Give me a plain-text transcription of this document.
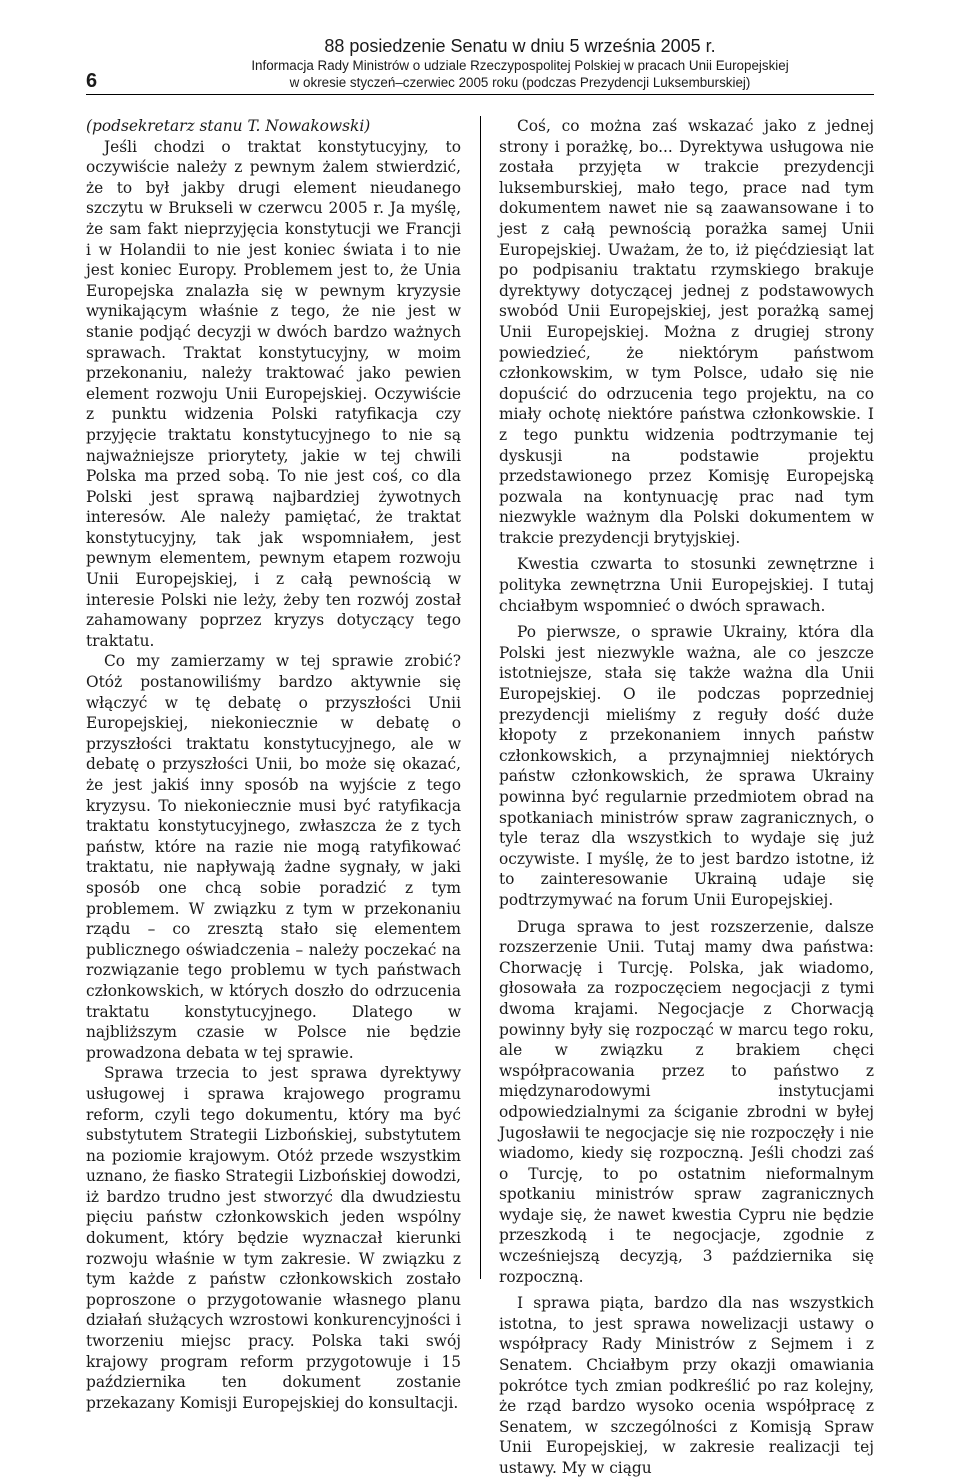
6
88 posiedzenie Senatu w dniu 5 września 2005 r.
Informacja Rady Ministrów o udziale Rzeczypospolitej Polskiej w pracach Unii Europejskiej
w okresie styczeń–czerwiec 2005 roku (podczas Prezydencji Luksemburskiej)

(podsekretarz stanu T. Nowakowski)

Jeśli chodzi o traktat konstytucyjny, to oczywiście należy z pewnym żalem stwierdzić, że to był jakby drugi element nieudanego szczytu w Brukseli w czerwcu 2005 r. Ja myślę, że sam fakt nieprzyjęcia konstytucji we Francji i w Holandii to nie jest koniec świata i to nie jest koniec Europy. Problemem jest to, że Unia Europejska znalazła się w pewnym kryzysie wynikającym właśnie z tego, że nie jest w stanie podjąć decyzji w dwóch bardzo ważnych sprawach. Traktat konstytucyjny, w moim przekonaniu, należy traktować jako pewien element rozwoju Unii Europejskiej. Oczywiście z punktu widzenia Polski ratyfikacja czy przyjęcie traktatu konstytucyjnego to nie są najważniejsze priorytety, jakie w tej chwili Polska ma przed sobą. To nie jest coś, co dla Polski jest sprawą najbardziej żywotnych interesów. Ale należy pamiętać, że traktat konstytucyjny, tak jak wspomniałem, jest pewnym elementem, pewnym etapem rozwoju Unii Europejskiej, i z całą pewnością w interesie Polski nie leży, żeby ten rozwój został zahamowany poprzez kryzys dotyczący tego traktatu.

Co my zamierzamy w tej sprawie zrobić? Otóż postanowiliśmy bardzo aktywnie się włączyć w tę debatę o przyszłości Unii Europejskiej, niekoniecznie w debatę o przyszłości traktatu konstytucyjnego, ale w debatę o przyszłości Unii, bo może się okazać, że jest jakiś inny sposób na wyjście z tego kryzysu. To niekoniecznie musi być ratyfikacja traktatu konstytucyjnego, zwłaszcza że z tych państw, które na razie nie mogą ratyfikować traktatu, nie napływają żadne sygnały, w jaki sposób one chcą sobie poradzić z tym problemem. W związku z tym w przekonaniu rządu – co zresztą stało się elementem publicznego oświadczenia – należy poczekać na rozwiązanie tego problemu w tych państwach członkowskich, w których doszło do odrzucenia traktatu konstytucyjnego. Dlatego w najbliższym czasie w Polsce nie będzie prowadzona debata w tej sprawie.

Sprawa trzecia to jest sprawa dyrektywy usługowej i sprawa krajowego programu reform, czyli tego dokumentu, który ma być substytutem Strategii Lizbońskiej, substytutem na poziomie krajowym. Otóż przede wszystkim uznano, że fiasko Strategii Lizbońskiej dowodzi, iż bardzo trudno jest stworzyć dla dwudziestu pięciu państw członkowskich jeden wspólny dokument, który będzie wyznaczał kierunki rozwoju właśnie w tym zakresie. W związku z tym każde z państw członkowskich zostało poproszone o przygotowanie własnego planu działań służących wzrostowi konkurencyjności i tworzeniu miejsc pracy. Polska taki swój krajowy program reform przygotowuje i 15 października ten dokument zostanie przekazany Komisji Europejskiej do konsultacji.

Coś, co można zaś wskazać jako z jednej strony i porażkę, bo... Dyrektywa usługowa nie została przyjęta w trakcie prezydencji luksemburskiej, mało tego, prace nad tym dokumentem nawet nie są zaawansowane i to jest z całą pewnością porażka samej Unii Europejskiej. Uważam, że to, iż pięćdziesiąt lat po podpisaniu traktatu rzymskiego brakuje dyrektywy dotyczącej jednej z podstawowych swobód Unii Europejskiej, jest porażką samej Unii Europejskiej. Można z drugiej strony powiedzieć, że niektórym państwom członkowskim, w tym Polsce, udało się nie dopuścić do odrzucenia tego projektu, na co miały ochotę niektóre państwa członkowskie. I z tego punktu widzenia podtrzymanie tej dyskusji na podstawie projektu przedstawionego przez Komisję Europejską pozwala na kontynuację prac nad tym niezwykle ważnym dla Polski dokumentem w trakcie prezydencji brytyjskiej.

Kwestia czwarta to stosunki zewnętrzne i polityka zewnętrzna Unii Europejskiej. I tutaj chciałbym wspomnieć o dwóch sprawach.

Po pierwsze, o sprawie Ukrainy, która dla Polski jest niezwykle ważna, ale co jeszcze istotniejsze, stała się także ważna dla Unii Europejskiej. O ile podczas poprzedniej prezydencji mieliśmy z reguły dość duże kłopoty z przekonaniem innych państw członkowskich, a przynajmniej niektórych państw członkowskich, że sprawa Ukrainy powinna być regularnie przedmiotem obrad na spotkaniach ministrów spraw zagranicznych, o tyle teraz dla wszystkich to wydaje się już oczywiste. I myślę, że to jest bardzo istotne, iż to zainteresowanie Ukrainą udaje się podtrzymywać na forum Unii Europejskiej.

Druga sprawa to jest rozszerzenie, dalsze rozszerzenie Unii. Tutaj mamy dwa państwa: Chorwację i Turcję. Polska, jak wiadomo, głosowała za rozpoczęciem negocjacji z tymi dwoma krajami. Negocjacje z Chorwacją powinny były się rozpocząć w marcu tego roku, ale w związku z brakiem chęci współpracowania przez to państwo z międzynarodowymi instytucjami odpowiedzialnymi za ściganie zbrodni w byłej Jugosławii te negocjacje się nie rozpoczęły i nie wiadomo, kiedy się rozpoczną. Jeśli chodzi zaś o Turcję, to po ostatnim nieformalnym spotkaniu ministrów spraw zagranicznych wydaje się, że nawet kwestia Cypru nie będzie przeszkodą i te negocjacje, zgodnie z wcześniejszą decyzją, 3 października się rozpoczną.

I sprawa piąta, bardzo dla nas wszystkich istotna, to jest sprawa nowelizacji ustawy o współpracy Rady Ministrów z Sejmem i z Senatem. Chciałbym przy okazji omawiania pokrótce tych zmian podkreślić po raz kolejny, że rząd bardzo wysoko ocenia współpracę z Senatem, w szczególności z Komisją Spraw Unii Europejskiej, w zakresie realizacji tej ustawy. My w ciągu
